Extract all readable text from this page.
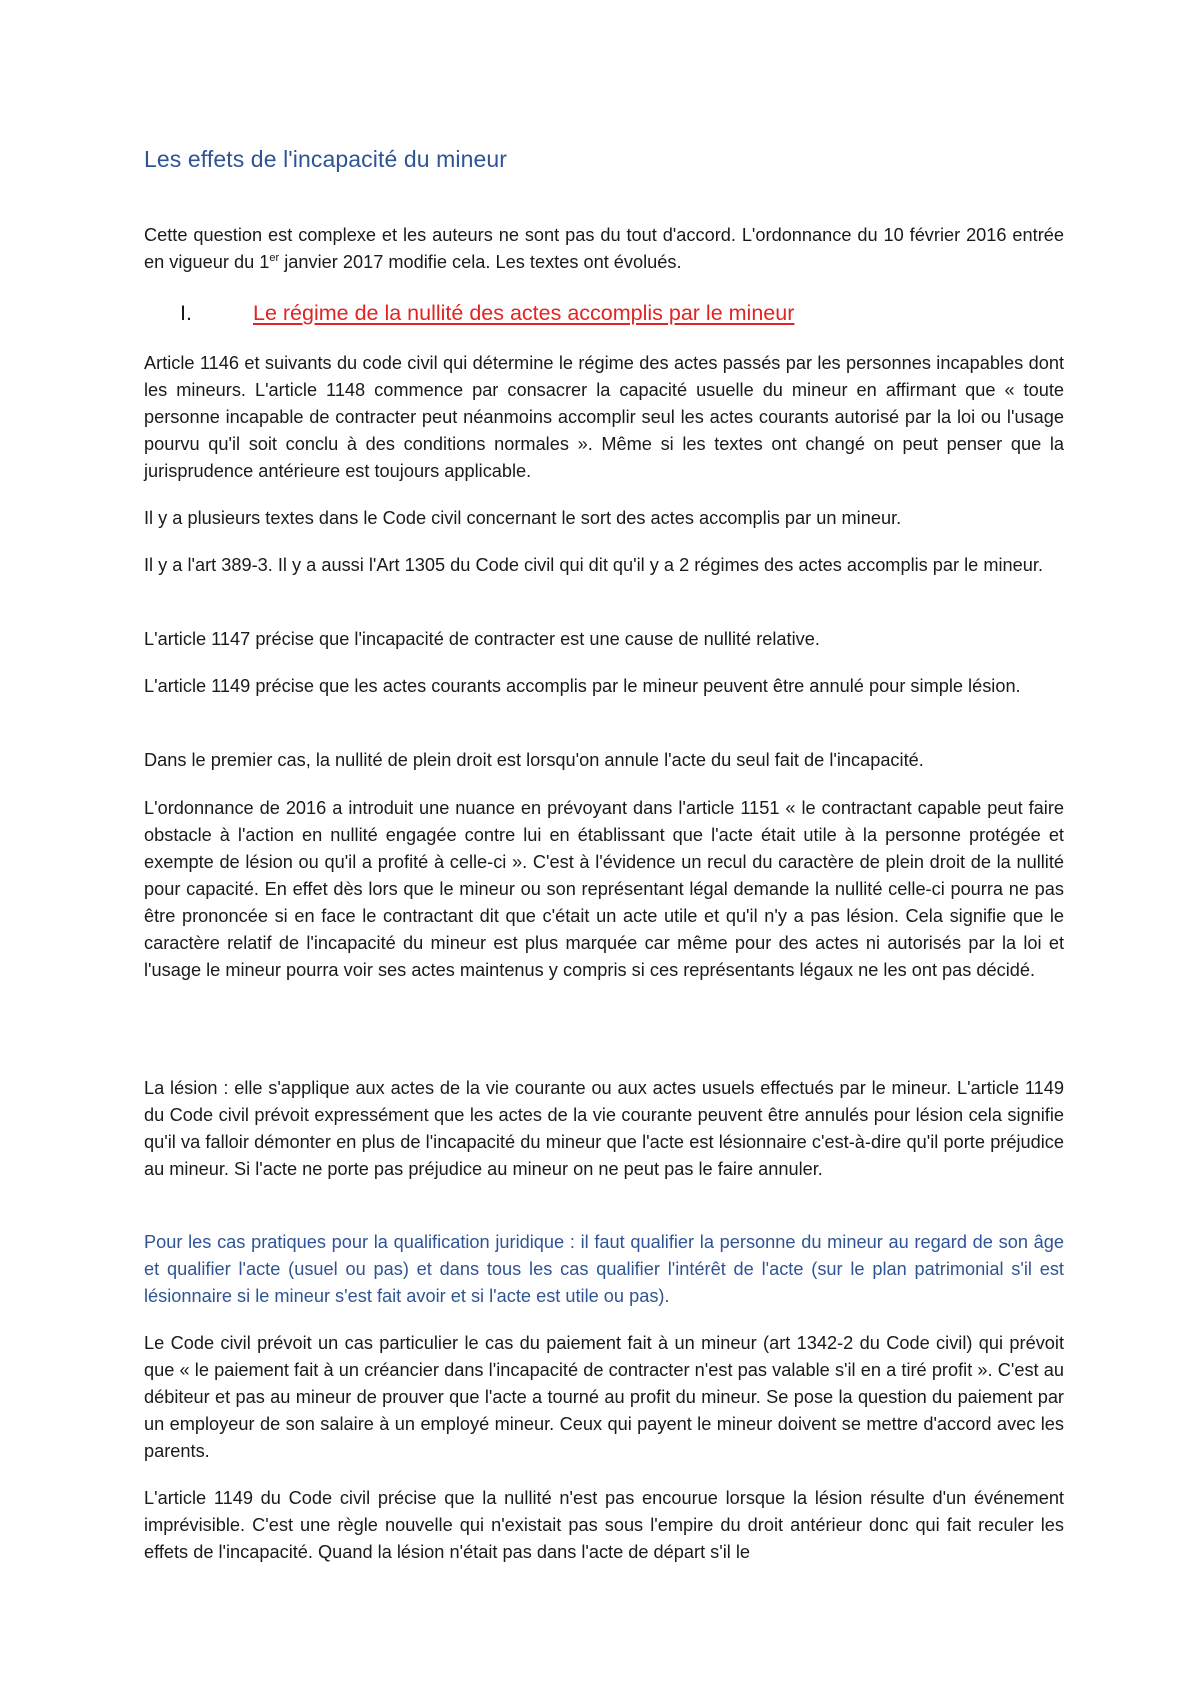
Les effets de l'incapacité du mineur

Cette question est complexe et les auteurs ne sont pas du tout d'accord. L'ordonnance du 10 février 2016 entrée en vigueur du 1er janvier 2017 modifie cela. Les textes ont évolués.

I.	Le régime de la nullité des actes accomplis par le mineur

Article 1146 et suivants du code civil qui détermine le régime des actes passés par les personnes incapables dont les mineurs. L'article 1148 commence par consacrer la capacité usuelle du mineur en affirmant que « toute personne incapable de contracter peut néanmoins accomplir seul les actes courants autorisé par la loi ou l'usage pourvu qu'il soit conclu à des conditions normales ». Même si les textes ont changé on peut penser que la jurisprudence antérieure est toujours applicable.

Il y a plusieurs textes dans le Code civil concernant le sort des actes accomplis par un mineur.

Il y a l'art 389-3. Il y a aussi l'Art 1305 du Code civil qui dit qu'il y a 2 régimes des actes accomplis par le mineur.

L'article 1147 précise que l'incapacité de contracter est une cause de nullité relative.

L'article 1149 précise que les actes courants accomplis par le mineur peuvent être annulé pour simple lésion.

Dans le premier cas, la nullité de plein droit est lorsqu'on annule l'acte du seul fait de l'incapacité.

L'ordonnance de 2016 a introduit une nuance en prévoyant dans l'article 1151 « le contractant capable peut faire obstacle à l'action en nullité engagée contre lui en établissant que l'acte était utile à la personne protégée et exempte de lésion ou qu'il a profité à celle-ci ». C'est à l'évidence un recul du caractère de plein droit de la nullité pour capacité. En effet dès lors que le mineur ou son représentant légal demande la nullité celle-ci pourra ne pas être prononcée si en face le contractant dit que c'était un acte utile et qu'il n'y a pas lésion. Cela signifie que le caractère relatif de l'incapacité du mineur est plus marquée car même pour des actes ni autorisés par la loi et l'usage le mineur pourra voir ses actes maintenus y compris si ces représentants légaux ne les ont pas décidé.

La lésion : elle s'applique aux actes de la vie courante ou aux actes usuels effectués par le mineur. L'article 1149 du Code civil prévoit expressément que les actes de la vie courante peuvent être annulés pour lésion cela signifie qu'il va falloir démonter en plus de l'incapacité du mineur que l'acte est lésionnaire c'est-à-dire qu'il porte préjudice au mineur. Si l'acte ne porte pas préjudice au mineur on ne peut pas le faire annuler.

Pour les cas pratiques pour la qualification juridique : il faut qualifier la personne du mineur au regard de son âge et qualifier l'acte (usuel ou pas) et dans tous les cas qualifier l'intérêt de l'acte (sur le plan patrimonial s'il est lésionnaire si le mineur s'est fait avoir et si l'acte est utile ou pas).

Le Code civil prévoit un cas particulier le cas du paiement fait à un mineur (art 1342-2 du Code civil) qui prévoit que « le paiement fait à un créancier dans l'incapacité de contracter n'est pas valable s'il en a tiré profit ». C'est au débiteur et pas au mineur de prouver que l'acte a tourné au profit du mineur. Se pose la question du paiement par un employeur de son salaire à un employé mineur. Ceux qui payent le mineur doivent se mettre d'accord avec les parents.

L'article 1149 du Code civil précise que la nullité n'est pas encourue lorsque la lésion résulte d'un événement imprévisible. C'est une règle nouvelle qui n'existait pas sous l'empire du droit antérieur donc qui fait reculer les effets de l'incapacité. Quand la lésion n'était pas dans l'acte de départ s'il le
